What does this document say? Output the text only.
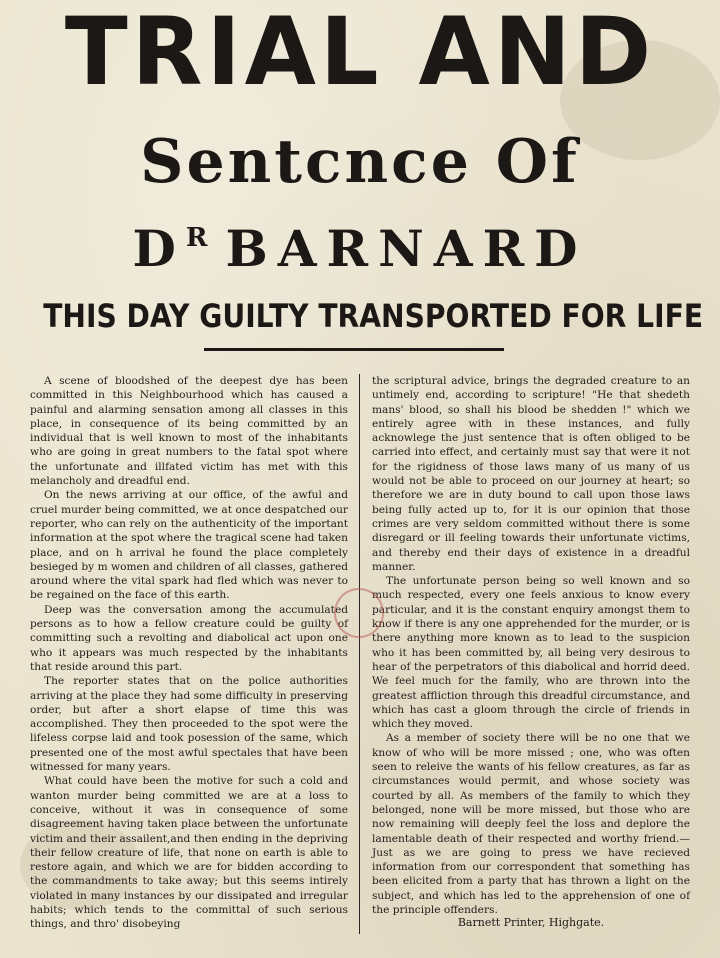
TRIAL AND
Sentcnce Of
$D^R$ BARNARD
THIS DAY GUILTY TRANSPORTED FOR LIFE

A scene of bloodshed of the deepest dye has been committed in this Neighbourhood which has caused a painful and alarming sensation among all classes in this place, in consequence of its being committed by an individual that is well known to most of the inhabitants who are going in great numbers to the fatal spot where the unfortunate and illfated victim has met with this melancholy and dreadful end.

On the news arriving at our office, of the awful and cruel murder being committed, we at once despatched our reporter, who can rely on the authenticity of the important information at the spot where the tragical scene had taken place, and on h arrival he found the place completely besieged by m women and children of all classes, gathered around where the vital spark had fled which was never to be regained on the face of this earth.

Deep was the conversation among the accumulated persons as to how a fellow creature could be guilty of committing such a revolting and diabolical act upon one who it appears was much respected by the inhabitants that reside around this part.

The reporter states that on the police authorities arriving at the place they had some difficulty in preserving order, but after a short elapse of time this was accomplished. They then proceeded to the spot were the lifeless corpse laid and took posession of the same, which presented one of the most awful spectales that have been witnessed for many years.

What could have been the motive for such a cold and wanton murder being committed we are at a loss to conceive, without it was in consequence of some disagreement having taken place between the unfortunate victim and their assailent,and then ending in the depriving their fellow creature of life, that none on earth is able to restore again, and which we are for bidden according to the commandments to take away; but this seems intirely violated in many instances by our dissipated and irregular habits; which tends to the committal of such serious things, and thro' disobeying

the scriptural advice, brings the degraded creature to an untimely end, according to scripture! "He that shedeth mans' blood, so shall his blood be shedden !" which we entirely agree with in these instances, and fully acknowlege the just sentence that is often obliged to be carried into effect, and certainly must say that were it not for the rigidness of those laws many of us many of us would not be able to proceed on our journey at heart; so therefore we are in duty bound to call upon those laws being fully acted up to, for it is our opinion that those crimes are very seldom committed without there is some disregard or ill feeling towards their unfortunate victims, and thereby end their days of existence in a dreadful manner.

The unfortunate person being so well known and so much respected, every one feels anxious to know every particular, and it is the constant enquiry amongst them to know if there is any one apprehended for the murder, or is there anything more known as to lead to the suspicion who it has been committed by, all being very desirous to hear of the perpetrators of this diabolical and horrid deed. We feel much for the family, who are thrown into the greatest affliction through this dreadful circumstance, and which has cast a gloom through the circle of friends in which they moved.

As a member of society there will be no one that we know of who will be more missed ; one, who was often seen to releive the wants of his fellow creatures, as far as circumstances would permit, and whose society was courted by all. As members of the family to which they belonged, none will be more missed, but those who are now remaining will deeply feel the loss and deplore the lamentable death of their respected and worthy friend.—Just as we are going to press we have recieved information from our correspondent that something has been elicited from a party that has thrown a light on the subject, and which has led to the apprehension of one of the principle offenders.

Barnett Printer, Highgate.
